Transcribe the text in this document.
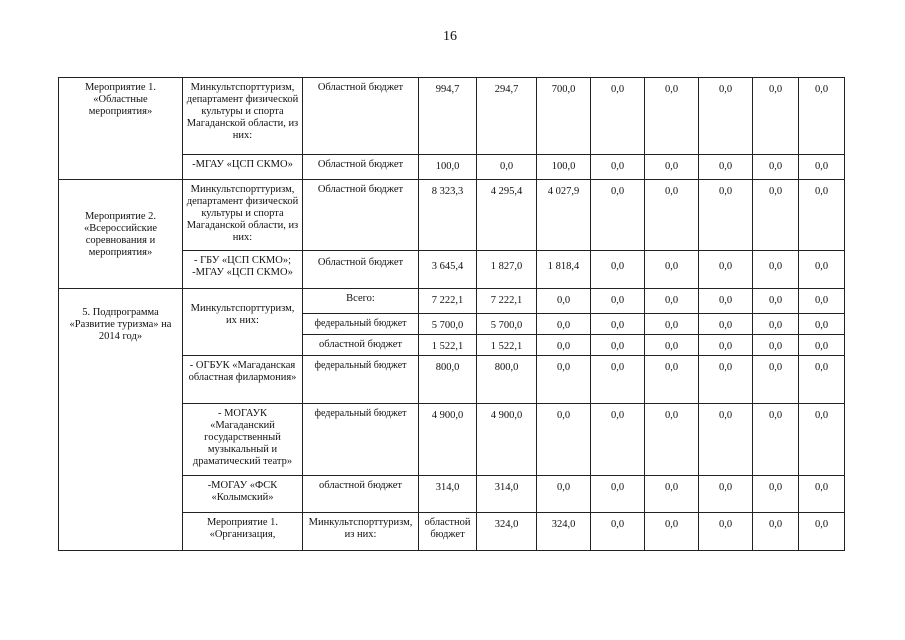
16
Мероприятие 1. «Областные мероприятия»	Минкультспорттуризм, департамент физической культуры и спорта Магаданской области, из них:	Областной бюджет	994,7	294,7	700,0	0,0	0,0	0,0	0,0	0,0	
	-МГАУ «ЦСП СКМО»	Областной бюджет	100,0	0,0	100,0	0,0	0,0	0,0	0,0	0,0	
Мероприятие 2. «Всероссийские соревнования и мероприятия»	Минкультспорттуризм, департамент физической культуры и спорта Магаданской области, из них:	Областной бюджет	8 323,3	4 295,4	4 027,9	0,0	0,0	0,0	0,0	0,0	
	- ГБУ «ЦСП СКМО»; -МГАУ «ЦСП СКМО»	Областной бюджет	3 645,4	1 827,0	1 818,4	0,0	0,0	0,0	0,0	0,0	
5. Подпрограмма «Развитие туризма» на 2014 год»	Минкультспорттуризм, их них:	Всего:	7 222,1	7 222,1	0,0	0,0	0,0	0,0	0,0	0,0	
		федеральный бюджет	5 700,0	5 700,0	0,0	0,0	0,0	0,0	0,0	0,0	
		областной бюджет	1 522,1	1 522,1	0,0	0,0	0,0	0,0	0,0	0,0	
	- ОГБУК «Магаданская областная филармония»	федеральный бюджет	800,0	800,0	0,0	0,0	0,0	0,0	0,0	0,0	
	- МОГАУК «Магаданский государственный музыкальный и драматический театр»	федеральный бюджет	4 900,0	4 900,0	0,0	0,0	0,0	0,0	0,0	0,0	
	-МОГАУ «ФСК «Колымский»	областной бюджет	314,0	314,0	0,0	0,0	0,0	0,0	0,0	0,0	
	Мероприятие 1. «Организация,	Минкультспорттуризм, из них:	областной бюджет	324,0	324,0	0,0	0,0	0,0	0,0	0,0	
